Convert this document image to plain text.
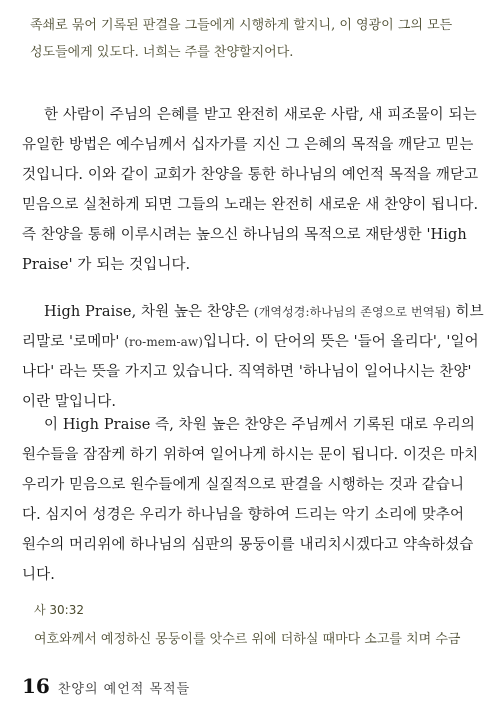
족쇄로 묶어 기록된 판결을 그들에게 시행하게 할지니, 이 영광이 그의 모든
성도들에게 있도다. 너희는 주를 찬양할지어다.
한 사람이 주님의 은혜를 받고 완전히 새로운 사람, 새 피조물이 되는
유일한 방법은 예수님께서 십자가를 지신 그 은혜의 목적을 깨닫고 믿는
것입니다. 이와 같이 교회가 찬양을 통한 하나님의 예언적 목적을 깨닫고
믿음으로 실천하게 되면 그들의 노래는 완전히 새로운 새 찬양이 됩니다.
즉 찬양을 통해 이루시려는 높으신 하나님의 목적으로 재탄생한 'High
Praise' 가 되는 것입니다.
High Praise, 차원 높은 찬양은 (개역성경:하나님의 존영으로 번역됨) 히브
리말로 '로메마' (ro-mem-aw)입니다. 이 단어의 뜻은 '들어 올리다', '일어
나다' 라는 뜻을 가지고 있습니다. 직역하면 '하나님이 일어나시는 찬양'
이란 말입니다.
이 High Praise 즉, 차원 높은 찬양은 주님께서 기록된 대로 우리의
원수들을 잠잠케 하기 위하여 일어나게 하시는 문이 됩니다. 이것은 마치
우리가 믿음으로 원수들에게 실질적으로 판결을 시행하는 것과 같습니
다. 심지어 성경은 우리가 하나님을 향하여 드리는 악기 소리에 맞추어
원수의 머리위에 하나님의 심판의 몽둥이를 내리치시겠다고 약속하셨습
니다.
사 30:32
여호와께서 예정하신 몽둥이를 앗수르 위에 더하실 때마다 소고를 치며 수금
16 찬양의 예언적 목적들
